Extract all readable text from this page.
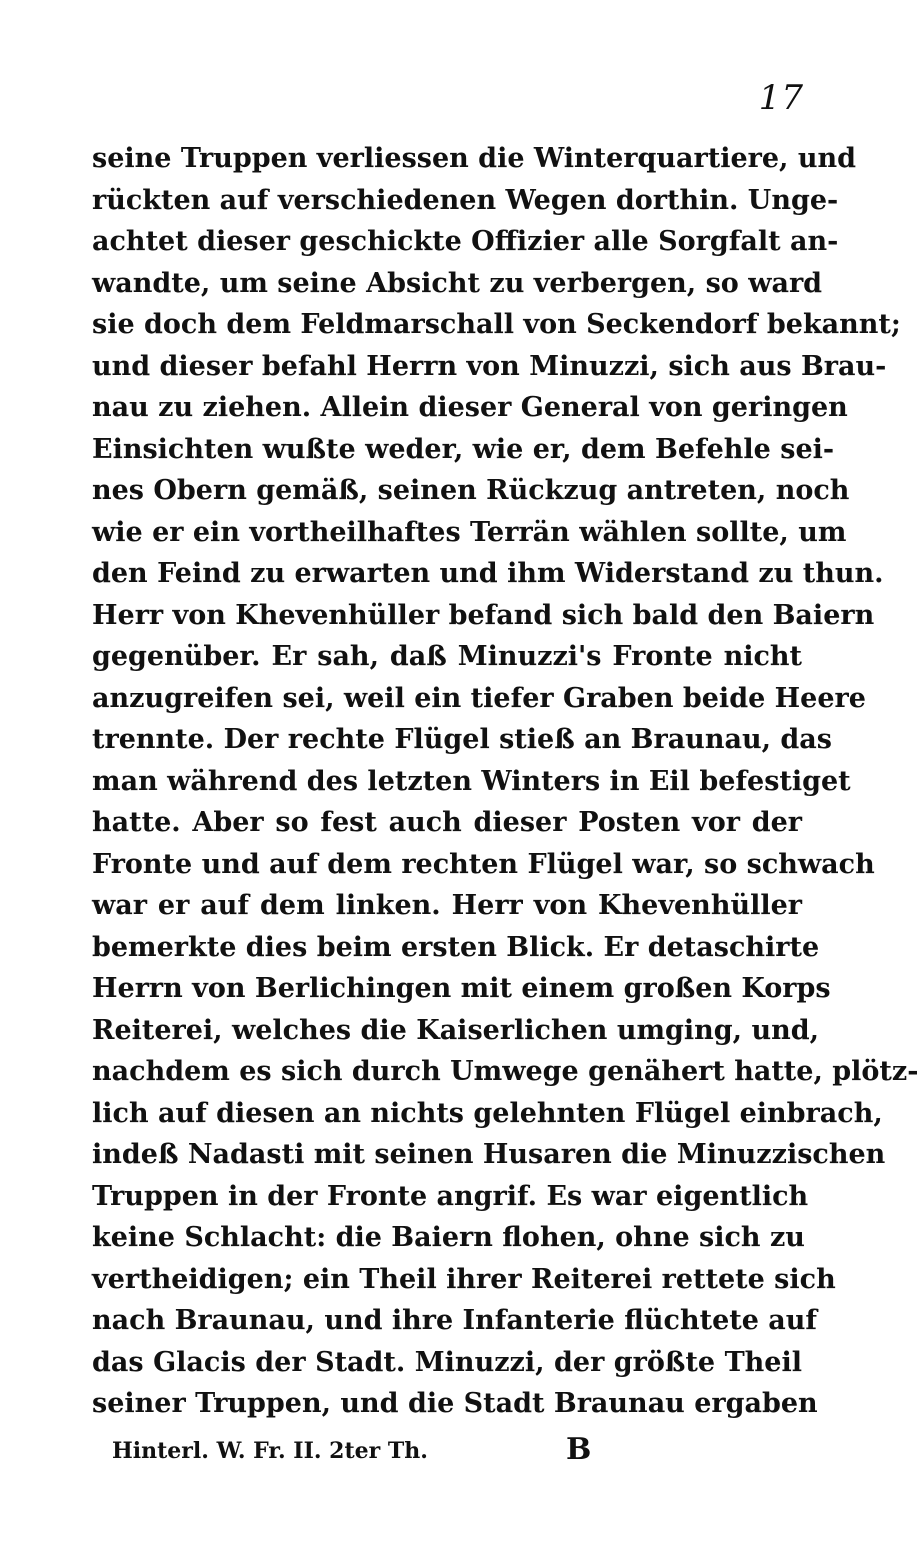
17
seine Truppen verliessen die Winterquartiere, und
rückten auf verschiedenen Wegen dorthin. Unge-
achtet dieser geschickte Offizier alle Sorgfalt an-
wandte, um seine Absicht zu verbergen, so ward
sie doch dem Feldmarschall von Seckendorf bekannt;
und dieser befahl Herrn von Minuzzi, sich aus Brau-
nau zu ziehen. Allein dieser General von geringen
Einsichten wußte weder, wie er, dem Befehle sei-
nes Obern gemäß, seinen Rückzug antreten, noch
wie er ein vortheilhaftes Terrän wählen sollte, um
den Feind zu erwarten und ihm Widerstand zu thun.
Herr von Khevenhüller befand sich bald den Baiern
gegenüber. Er sah, daß Minuzzi's Fronte nicht
anzugreifen sei, weil ein tiefer Graben beide Heere
trennte. Der rechte Flügel stieß an Braunau, das
man während des letzten Winters in Eil befestiget
hatte. Aber so fest auch dieser Posten vor der
Fronte und auf dem rechten Flügel war, so schwach
war er auf dem linken. Herr von Khevenhüller
bemerkte dies beim ersten Blick. Er detaschirte
Herrn von Berlichingen mit einem großen Korps
Reiterei, welches die Kaiserlichen umging, und,
nachdem es sich durch Umwege genähert hatte, plötz-
lich auf diesen an nichts gelehnten Flügel einbrach,
indeß Nadasti mit seinen Husaren die Minuzzischen
Truppen in der Fronte angrif. Es war eigentlich
keine Schlacht: die Baiern flohen, ohne sich zu
vertheidigen; ein Theil ihrer Reiterei rettete sich
nach Braunau, und ihre Infanterie flüchtete auf
das Glacis der Stadt. Minuzzi, der größte Theil
seiner Truppen, und die Stadt Braunau ergaben
Hinterl. W. Fr. II. 2ter Th.	B
